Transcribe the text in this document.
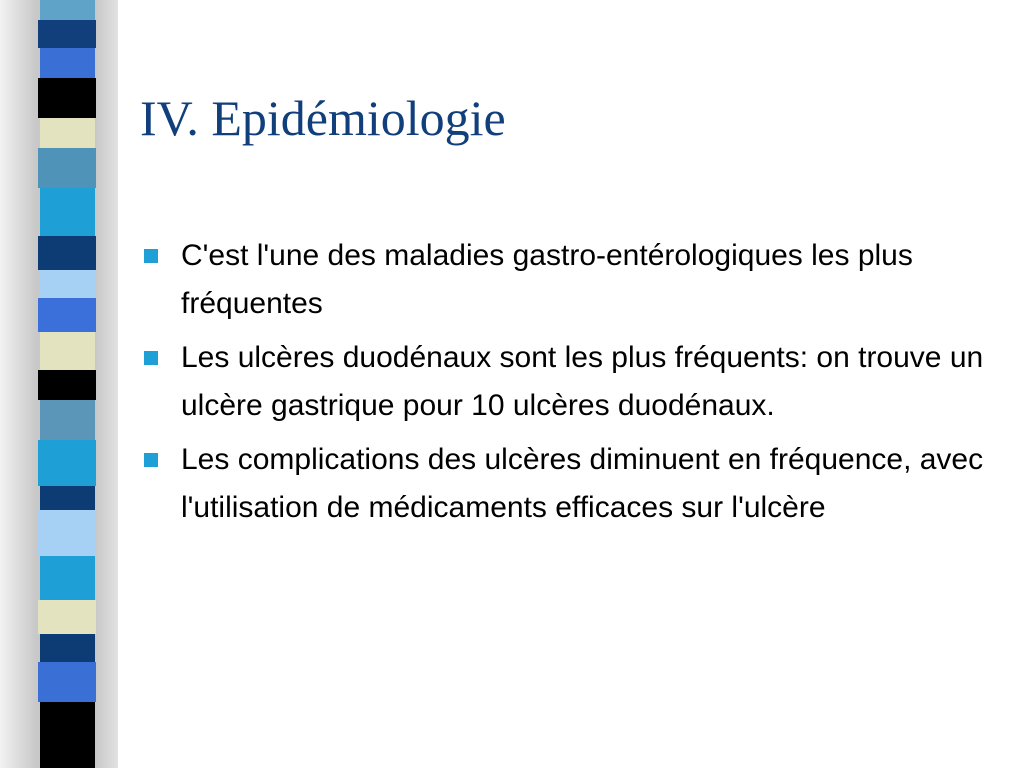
IV. Epidémiologie
C'est l'une des maladies gastro-entérologiques les plus fréquentes
Les ulcères duodénaux sont les plus fréquents: on trouve un ulcère gastrique pour 10 ulcères duodénaux.
Les complications des ulcères diminuent en fréquence, avec l'utilisation de médicaments efficaces sur l'ulcère
